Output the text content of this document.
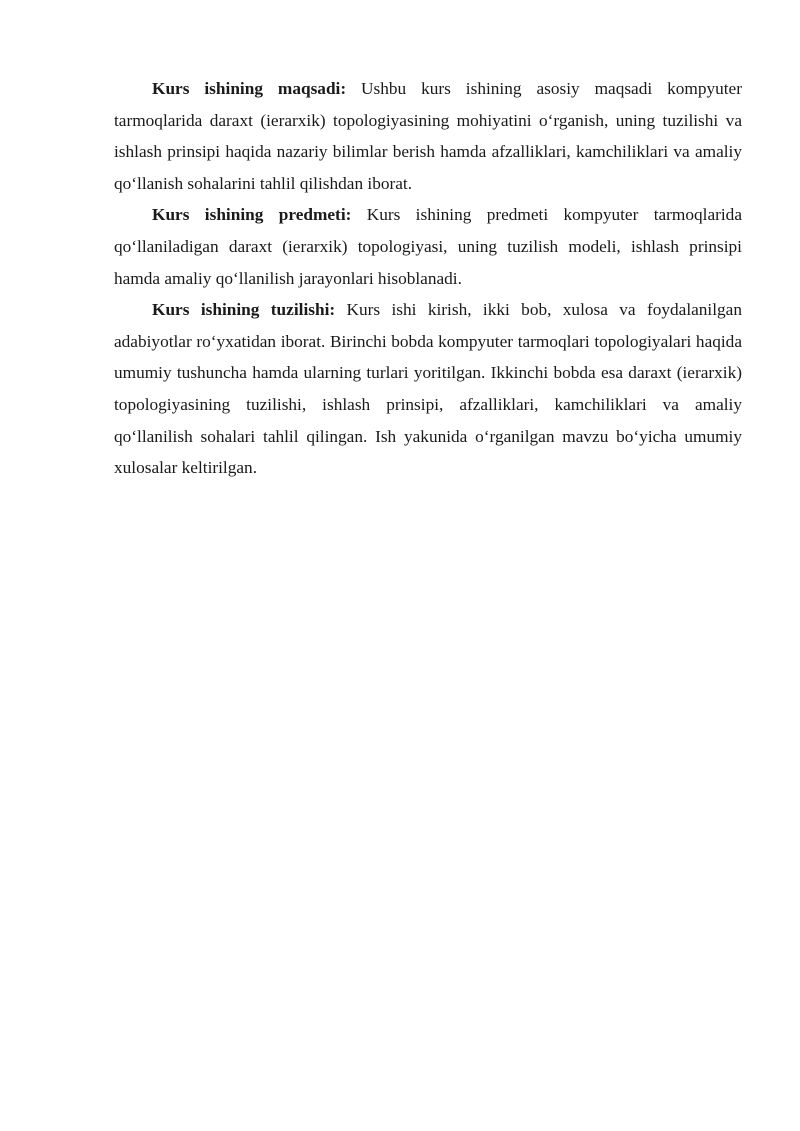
Kurs ishining maqsadi: Ushbu kurs ishining asosiy maqsadi kompyuter tarmoqlarida daraxt (ierarxik) topologiyasining mohiyatini o‘rganish, uning tuzilishi va ishlash prinsipi haqida nazariy bilimlar berish hamda afzalliklari, kamchiliklari va amaliy qo‘llanish sohalarini tahlil qilishdan iborat.

Kurs ishining predmeti: Kurs ishining predmeti kompyuter tarmoqlarida qo‘llaniladigan daraxt (ierarxik) topologiyasi, uning tuzilish modeli, ishlash prinsipi hamda amaliy qo‘llanilish jarayonlari hisoblanadi.

Kurs ishining tuzilishi: Kurs ishi kirish, ikki bob, xulosa va foydalanilgan adabiyotlar ro‘yxatidan iborat. Birinchi bobda kompyuter tarmoqlari topologiyalari haqida umumiy tushuncha hamda ularning turlari yoritilgan. Ikkinchi bobda esa daraxt (ierarxik) topologiyasining tuzilishi, ishlash prinsipi, afzalliklari, kamchiliklari va amaliy qo‘llanilish sohalari tahlil qilingan. Ish yakunida o‘rganilgan mavzu bo‘yicha umumiy xulosalar keltirilgan.
